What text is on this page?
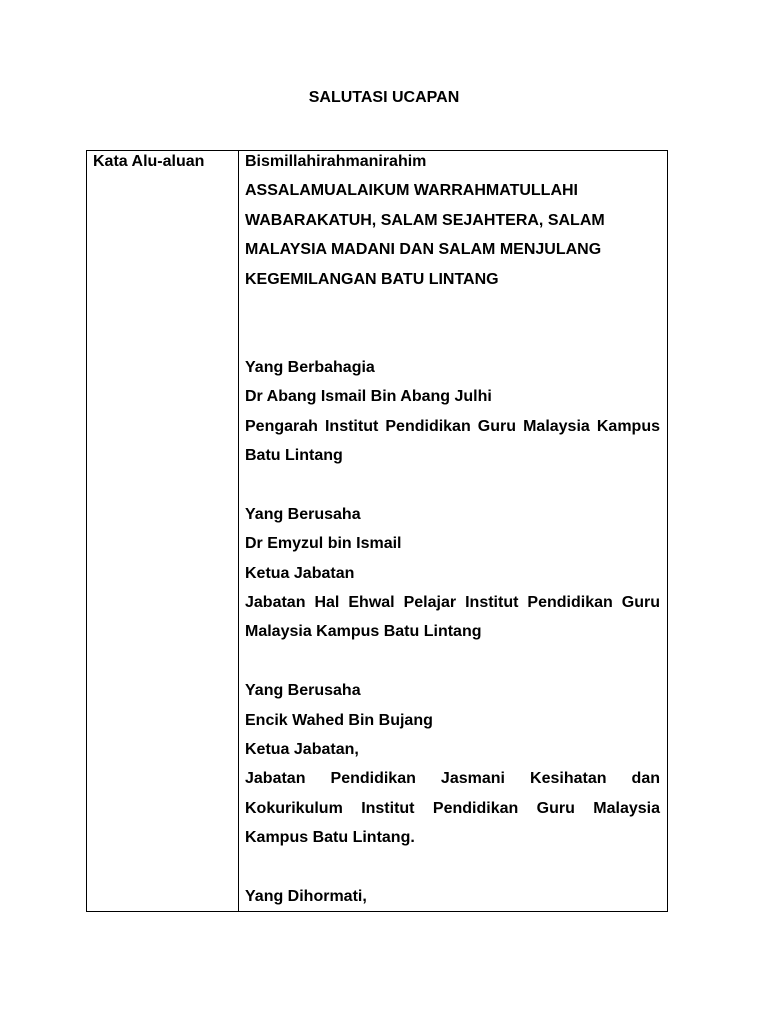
SALUTASI UCAPAN
Kata Alu-aluan	Bismillahirahmanirahim
ASSALAMUALAIKUM WARRAHMATULLAHI
WABARAKATUH, SALAM SEJAHTERA, SALAM
MALAYSIA MADANI DAN SALAM MENJULANG
KEGEMILANGAN BATU LINTANG
Yang Berbahagia
Dr Abang Ismail Bin Abang Julhi
Pengarah Institut Pendidikan Guru Malaysia Kampus Batu Lintang
Yang Berusaha
Dr Emyzul bin Ismail
Ketua Jabatan
Jabatan Hal Ehwal Pelajar Institut Pendidikan Guru Malaysia Kampus Batu Lintang
Yang Berusaha
Encik Wahed Bin Bujang
Ketua Jabatan,
Jabatan Pendidikan Jasmani Kesihatan dan Kokurikulum Institut Pendidikan Guru Malaysia Kampus Batu Lintang.
Yang Dihormati,
